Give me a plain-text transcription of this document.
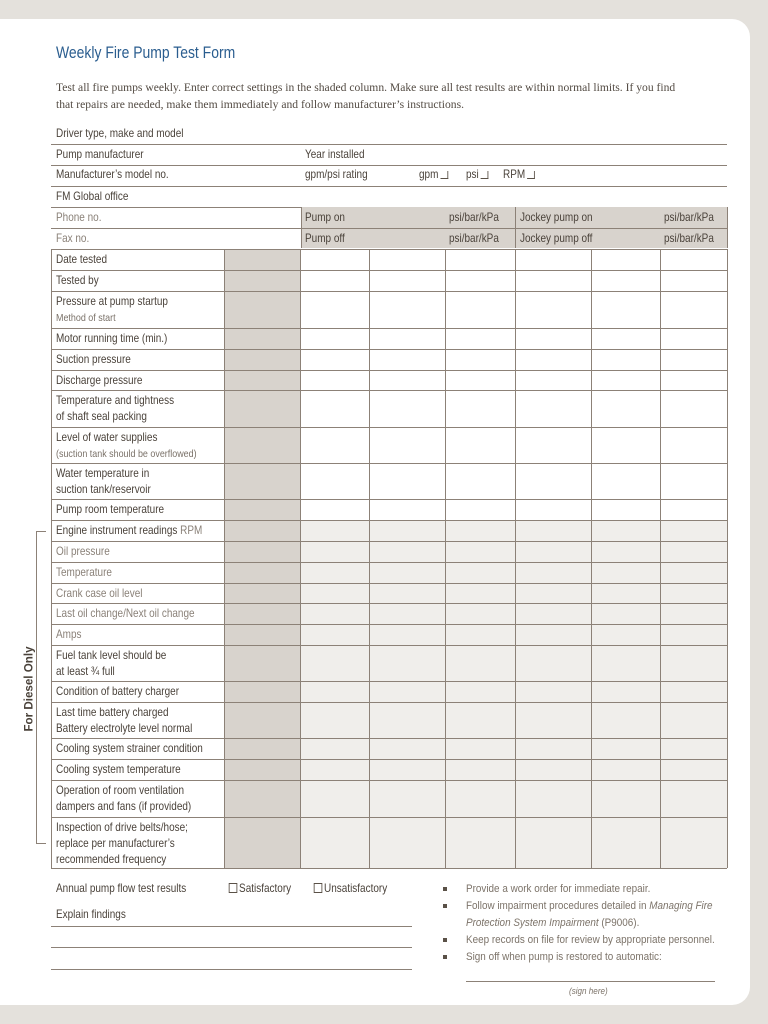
Weekly Fire Pump Test Form
Test all fire pumps weekly. Enter correct settings in the shaded column. Make sure all test results are within normal limits. If you find that repairs are needed, make them immediately and follow manufacturer’s instructions.
Driver type, make and model
Pump manufacturer	Year installed
Manufacturer’s model no.	gpm/psi rating	gpm	psi	RPM
FM Global office
Phone no.	Pump on	psi/bar/kPa Jockey pump on	psi/bar/kPa
Fax no.	Pump off	psi/bar/kPa Jockey pump off	psi/bar/kPa
Date tested
Tested by
Pressure at pump startup
Method of start
Motor running time (min.)
Suction pressure
Discharge pressure
Temperature and tightness
of shaft seal packing
Level of water supplies
(suction tank should be overflowed)
Water temperature in
suction tank/reservoir
Pump room temperature
Engine instrument readings RPM
Oil pressure
Temperature
Crank case oil level
Last oil change/Next oil change
Amps
Fuel tank level should be
at least ¾ full
Condition of battery charger
Last time battery charged
Battery electrolyte level normal
Cooling system strainer condition
Cooling system temperature
Operation of room ventilation
dampers and fans (if provided)
Inspection of drive belts/hose;
replace per manufacturer’s
recommended frequency
For Diesel Only
Annual pump flow test results	Satisfactory	Unsatisfactory
Explain findings
Provide a work order for immediate repair.
Follow impairment procedures detailed in Managing Fire
Protection System Impairment (P9006).
Keep records on file for review by appropriate personnel.
Sign off when pump is restored to automatic:
(sign here)
